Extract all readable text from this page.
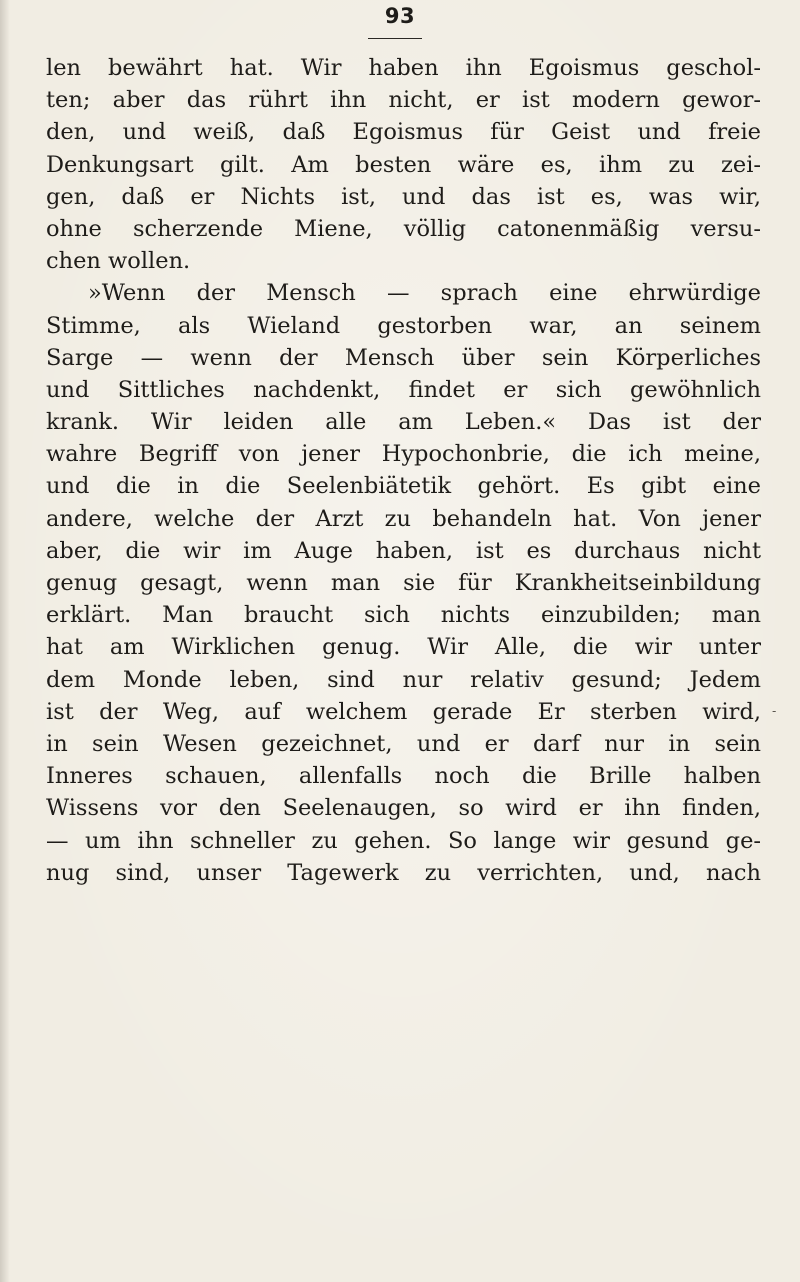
93
len bewährt hat. Wir haben ihn Egoismus geschol-
ten; aber das rührt ihn nicht, er ist modern gewor-
den, und weiß, daß Egoismus für Geist und freie
Denkungsart gilt. Am besten wäre es, ihm zu zei-
gen, daß er Nichts ist, und das ist es, was wir,
ohne scherzende Miene, völlig catonenmäßig versu-
chen wollen.
»Wenn der Mensch — sprach eine ehrwürdige
Stimme, als Wieland gestorben war, an seinem
Sarge — wenn der Mensch über sein Körperliches
und Sittliches nachdenkt, findet er sich gewöhnlich
krank. Wir leiden alle am Leben.« Das ist der
wahre Begriff von jener Hypochonbrie, die ich meine,
und die in die Seelenbiätetik gehört. Es gibt eine
andere, welche der Arzt zu behandeln hat. Von jener
aber, die wir im Auge haben, ist es durchaus nicht
genug gesagt, wenn man sie für Krankheitseinbildung
erklärt. Man braucht sich nichts einzubilden; man
hat am Wirklichen genug. Wir Alle, die wir unter
dem Monde leben, sind nur relativ gesund; Jedem
ist der Weg, auf welchem gerade Er sterben wird,
in sein Wesen gezeichnet, und er darf nur in sein
Inneres schauen, allenfalls noch die Brille halben
Wissens vor den Seelenaugen, so wird er ihn finden,
— um ihn schneller zu gehen. So lange wir gesund ge-
nug sind, unser Tagewerk zu verrichten, und, nach
-
